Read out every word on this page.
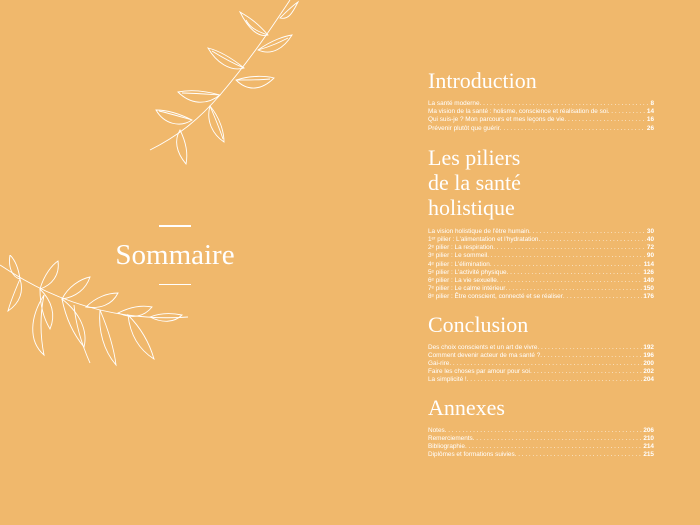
Sommaire
Introduction
La santé moderne . . .	8
Ma vision de la santé : holisme, conscience et réalisation de soi . . .	14
Qui suis-je ? Mon parcours et mes leçons de vie . . .	16
Prévenir plutôt que guérir . . .	26
Les piliers
de la santé
holistique
La vision holistique de l'être humain . . .	30
1ᵉʳ pilier : L'alimentation et l'hydratation . . .	40
2ᵉ pilier : La respiration . . .	72
3ᵉ pilier : Le sommeil . . .	90
4ᵉ pilier : L'élimination . . .	114
5ᵉ pilier : L'activité physique . . .	126
6ᵉ pilier : La vie sexuelle . . .	140
7ᵉ pilier : Le calme intérieur . . .	150
8ᵉ pilier : Être conscient, connecté et se réaliser . . .	176
Conclusion
Des choix conscients et un art de vivre . . .	192
Comment devenir acteur de ma santé ? . . .	196
Gai-rire . . .	200
Faire les choses par amour pour soi . . .	202
La simplicité ! . . .	204
Annexes
Notes . . .	206
Remerciements . . .	210
Bibliographie . . .	214
Diplômes et formations suivies . . .	215
